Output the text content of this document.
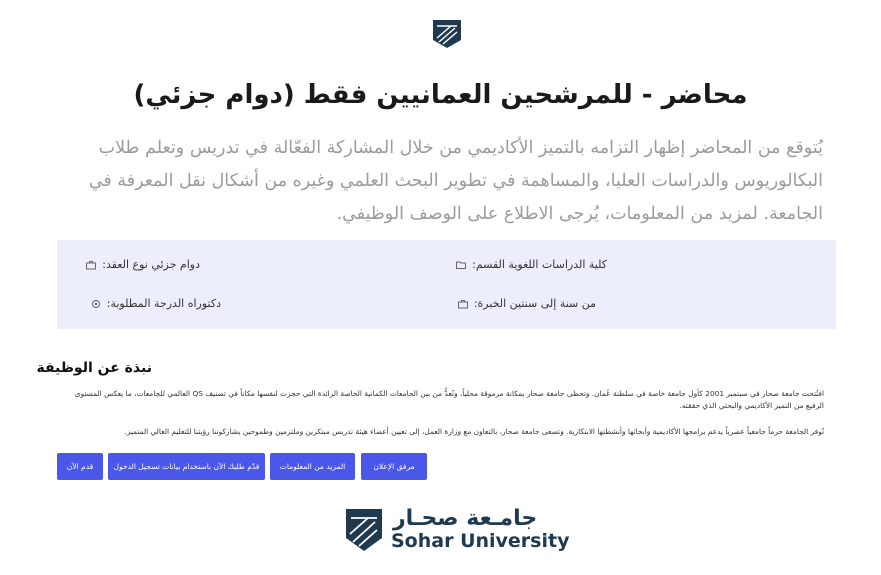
محاضر - للمرشحين العمانيين فقط (دوام جزئي)

يُتوقع من المحاضر إظهار التزامه بالتميز الأكاديمي من خلال المشاركة الفعّالة في تدريس وتعلم طلاب البكالوريوس والدراسات العليا، والمساهمة في تطوير البحث العلمي وغيره من أشكال نقل المعرفة في الجامعة. لمزيد من المعلومات، يُرجى الاطلاع على الوصف الوظيفي.

كلية الدراسات اللغوية القسم:
دوام جزئي نوع العقد:
من سنة إلى سنتين الخبرة:
دكتوراه الدرجة المطلوبة:
نبذة عن الوظيفة

افتُتحت جامعة صحار في سبتمبر 2001 كأول جامعة خاصة في سلطنة عُمان. وتحظى جامعة صحار بمكانة مرموقة محلياً، وتُعدُّ من بين الجامعات الكمانية الخاصة الرائدة التي حجزت لنفسها مكاناً في تصنيف QS العالمي للجامعات، ما يعكس المستوى الرفيع من التميز الأكاديمي والبحثي الذي حققته.

تُوفر الجامعة حرماً جامعياً عصرياً يدعم برامجها الأكاديمية وأبحاثها وأنشطتها الابتكارية. وتسعى جامعة صحار، بالتعاون مع وزارة العمل، إلى تعيين أعضاء هيئة تدريس مبتكرين وملتزمين وطموحين يشاركوننا رؤيتنا للتعليم العالي المتميز.

مرفق الإعلان
المزيد من المعلومات
قدّم طلبك الآن باستخدام بيانات تسجيل الدخول
قدم الآن
جامـعة صحـار
Sohar University
